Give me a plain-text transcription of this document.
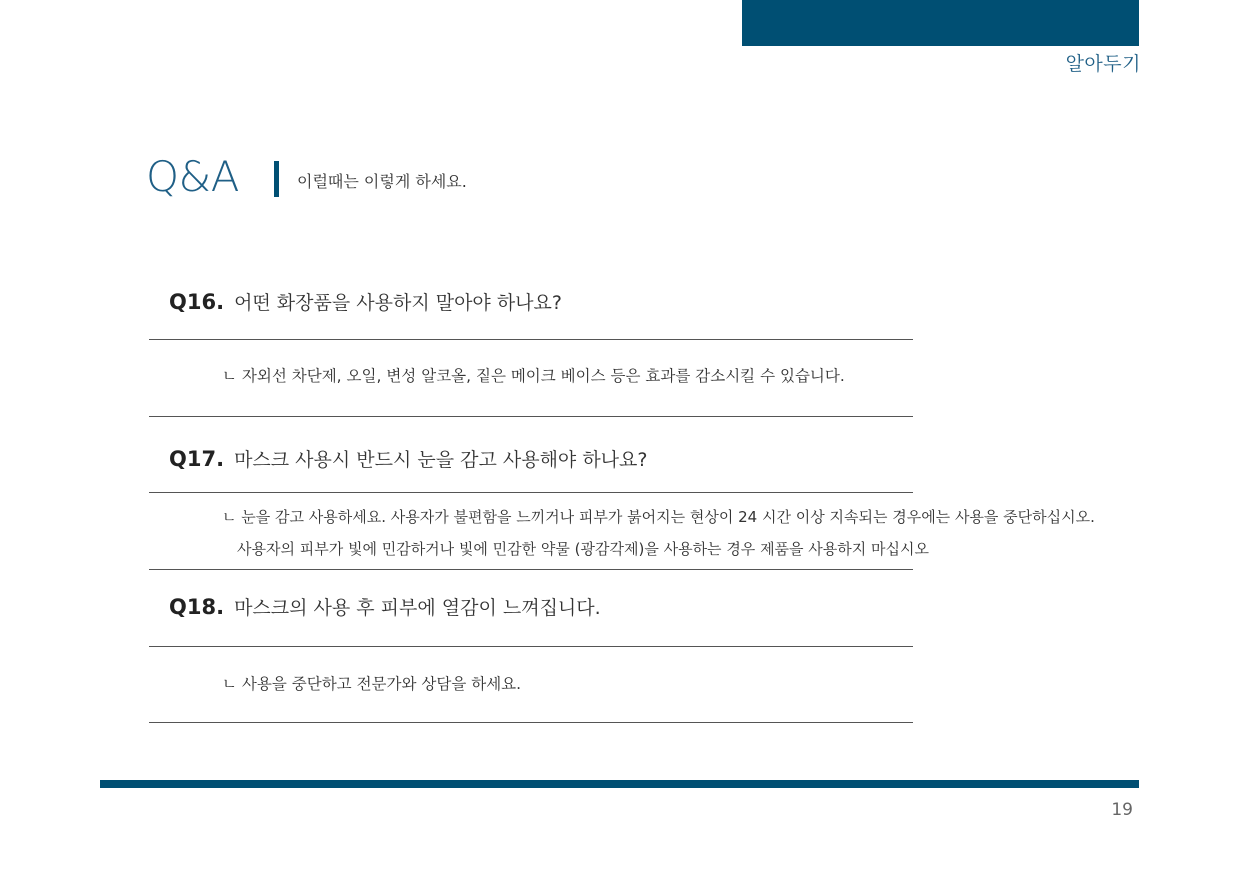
알아두기
Q&A	이럴때는 이렇게 하세요.
Q16. 어떤 화장품을 사용하지 말아야 하나요?
ㄴ 자외선 차단제, 오일, 변성 알코올, 짙은 메이크 베이스 등은 효과를 감소시킬 수 있습니다.
Q17. 마스크 사용시 반드시 눈을 감고 사용해야 하나요?
ㄴ 눈을 감고 사용하세요. 사용자가 불편함을 느끼거나 피부가 붉어지는 현상이 24 시간 이상 지속되는 경우에는 사용을 중단하십시오.
사용자의 피부가 빛에 민감하거나 빛에 민감한 약물 (광감각제)을 사용하는 경우 제품을 사용하지 마십시오
Q18. 마스크의 사용 후 피부에 열감이 느껴집니다.
ㄴ 사용을 중단하고 전문가와 상담을 하세요.
19
